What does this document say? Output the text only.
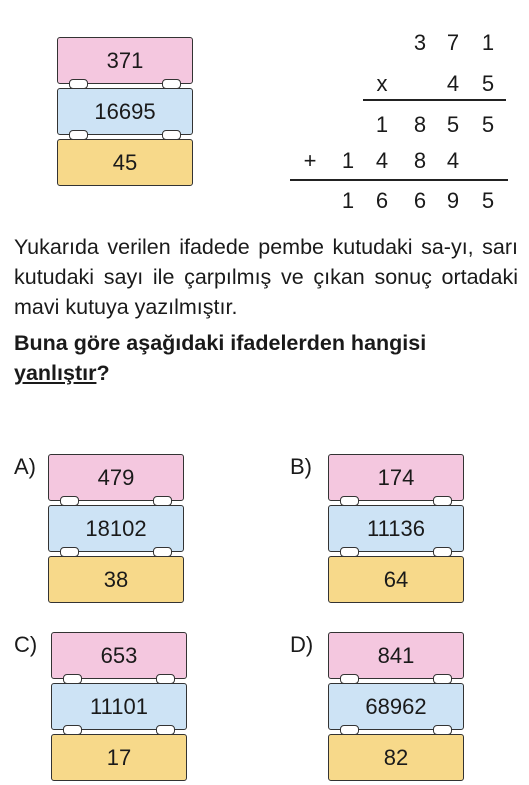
371
16695
45
3 7 1
x	4 5
1 8 5 5
+ 1 4 8 4
1 6 6 9 5
Yukarıda verilen ifadede pembe kutudaki sa-yı, sarı kutudaki sayı ile çarpılmış ve çıkan sonuç ortadaki mavi kutuya yazılmıştır.
Buna göre aşağıdaki ifadelerden hangisi
yanlıştır?
A)	479
18102
38
B)	174
11136
64
C)	653
11101
17
D)	841
68962
82
